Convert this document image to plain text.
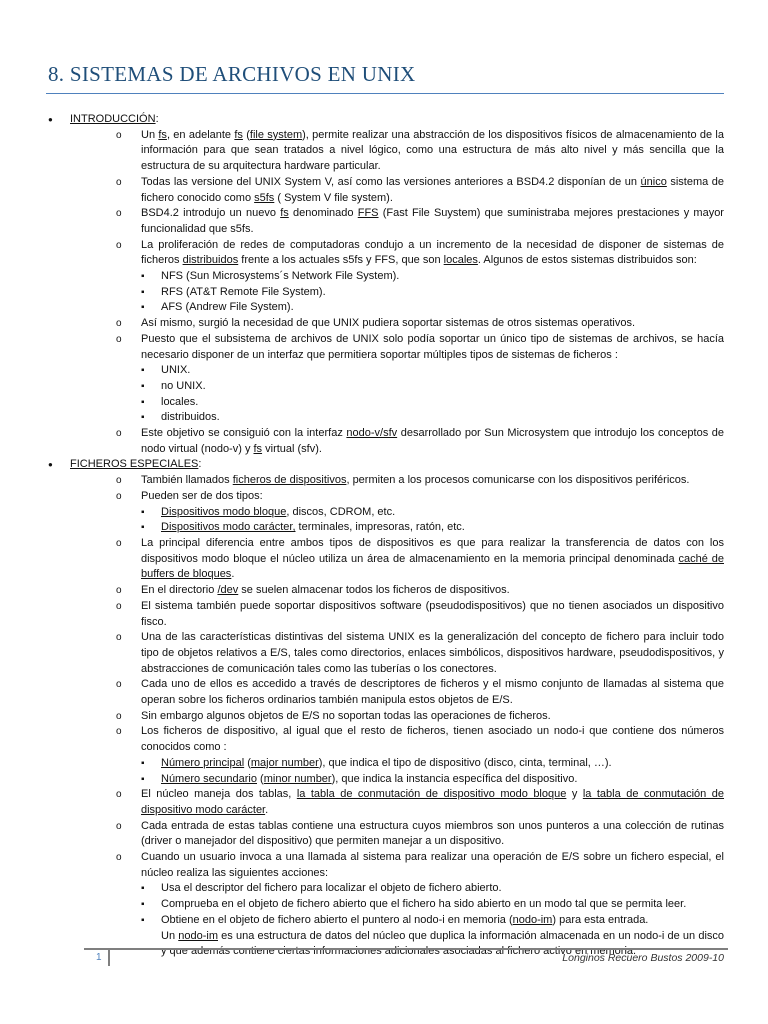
8. SISTEMAS DE ARCHIVOS EN UNIX
● INTRODUCCIÓN:
o Un fs, en adelante fs (file system), permite realizar una abstracción de los dispositivos físicos de almacenamiento de la información para que sean tratados a nivel lógico, como una estructura de más alto nivel y más sencilla que la estructura de su arquitectura hardware particular.
o Todas las versione del UNIX System V, así como las versiones anteriores a BSD4.2 disponían de un único sistema de fichero conocido como s5fs ( System V file system).
o BSD4.2 introdujo un nuevo fs denominado FFS (Fast File Suystem) que suministraba mejores prestaciones y mayor funcionalidad que s5fs.
o La proliferación de redes de computadoras condujo a un incremento de la necesidad de disponer de sistemas de ficheros distribuidos frente a los actuales s5fs y FFS, que son locales. Algunos de estos sistemas distribuidos son:
▪ NFS (Sun Microsystems´s Network File System).
▪ RFS (AT&T Remote File System).
▪ AFS (Andrew File System).
o Así mismo, surgió la necesidad de que UNIX pudiera soportar sistemas de otros sistemas operativos.
o Puesto que el subsistema de archivos de UNIX solo podía soportar un único tipo de sistemas de archivos, se hacía necesario disponer de un interfaz que permitiera soportar múltiples tipos de sistemas de ficheros :
▪ UNIX.
▪ no UNIX.
▪ locales.
▪ distribuidos.
o Este objetivo se consiguió con la interfaz nodo-v/sfv desarrollado por Sun Microsystem que introdujo los conceptos de nodo virtual (nodo-v) y fs virtual (sfv).
● FICHEROS ESPECIALES:
o También llamados ficheros de dispositivos, permiten a los procesos comunicarse con los dispositivos periféricos.
o Pueden ser de dos tipos:
▪ Dispositivos modo bloque, discos, CDROM, etc.
▪ Dispositivos modo carácter, terminales, impresoras, ratón, etc.
o La principal diferencia entre ambos tipos de dispositivos es que para realizar la transferencia de datos con los dispositivos modo bloque el núcleo utiliza un área de almacenamiento en la memoria principal denominada caché de buffers de bloques.
o En el directorio /dev se suelen almacenar todos los ficheros de dispositivos.
o El sistema también puede soportar dispositivos software (pseudodispositivos) que no tienen asociados un dispositivo fisco.
o Una de las características distintivas del sistema UNIX es la generalización del concepto de fichero para incluir todo tipo de objetos relativos a E/S, tales como directorios, enlaces simbólicos, dispositivos hardware, pseudodispositivos, y abstracciones de comunicación tales como las tuberías o los conectores.
o Cada uno de ellos es accedido a través de descriptores de ficheros y el mismo conjunto de llamadas al sistema que operan sobre los ficheros ordinarios también manipula estos objetos de E/S.
o Sin embargo algunos objetos de E/S no soportan todas las operaciones de ficheros.
o Los ficheros de dispositivo, al igual que el resto de ficheros, tienen asociado un nodo-i que contiene dos números conocidos como :
▪ Número principal (major number), que indica el tipo de dispositivo (disco, cinta, terminal, …).
▪ Número secundario (minor number), que indica la instancia específica del dispositivo.
o El núcleo maneja dos tablas, la tabla de conmutación de dispositivo modo bloque y la tabla de conmutación de dispositivo modo carácter.
o Cada entrada de estas tablas contiene una estructura cuyos miembros son unos punteros a una colección de rutinas (driver o manejador del dispositivo) que permiten manejar a un dispositivo.
o Cuando un usuario invoca a una llamada al sistema para realizar una operación de E/S sobre un fichero especial, el núcleo realiza las siguientes acciones:
▪ Usa el descriptor del fichero para localizar el objeto de fichero abierto.
▪ Comprueba en el objeto de fichero abierto que el fichero ha sido abierto en un modo tal que se permita leer.
▪ Obtiene en el objeto de fichero abierto el puntero al nodo-i en memoria (nodo-im) para esta entrada.
Un nodo-im es una estructura de datos del núcleo que duplica la información almacenada en un nodo-i de un disco y que además contiene ciertas informaciones adicionales asociadas al fichero activo en memoria.
1	Longinos Recuero Bustos 2009-10
